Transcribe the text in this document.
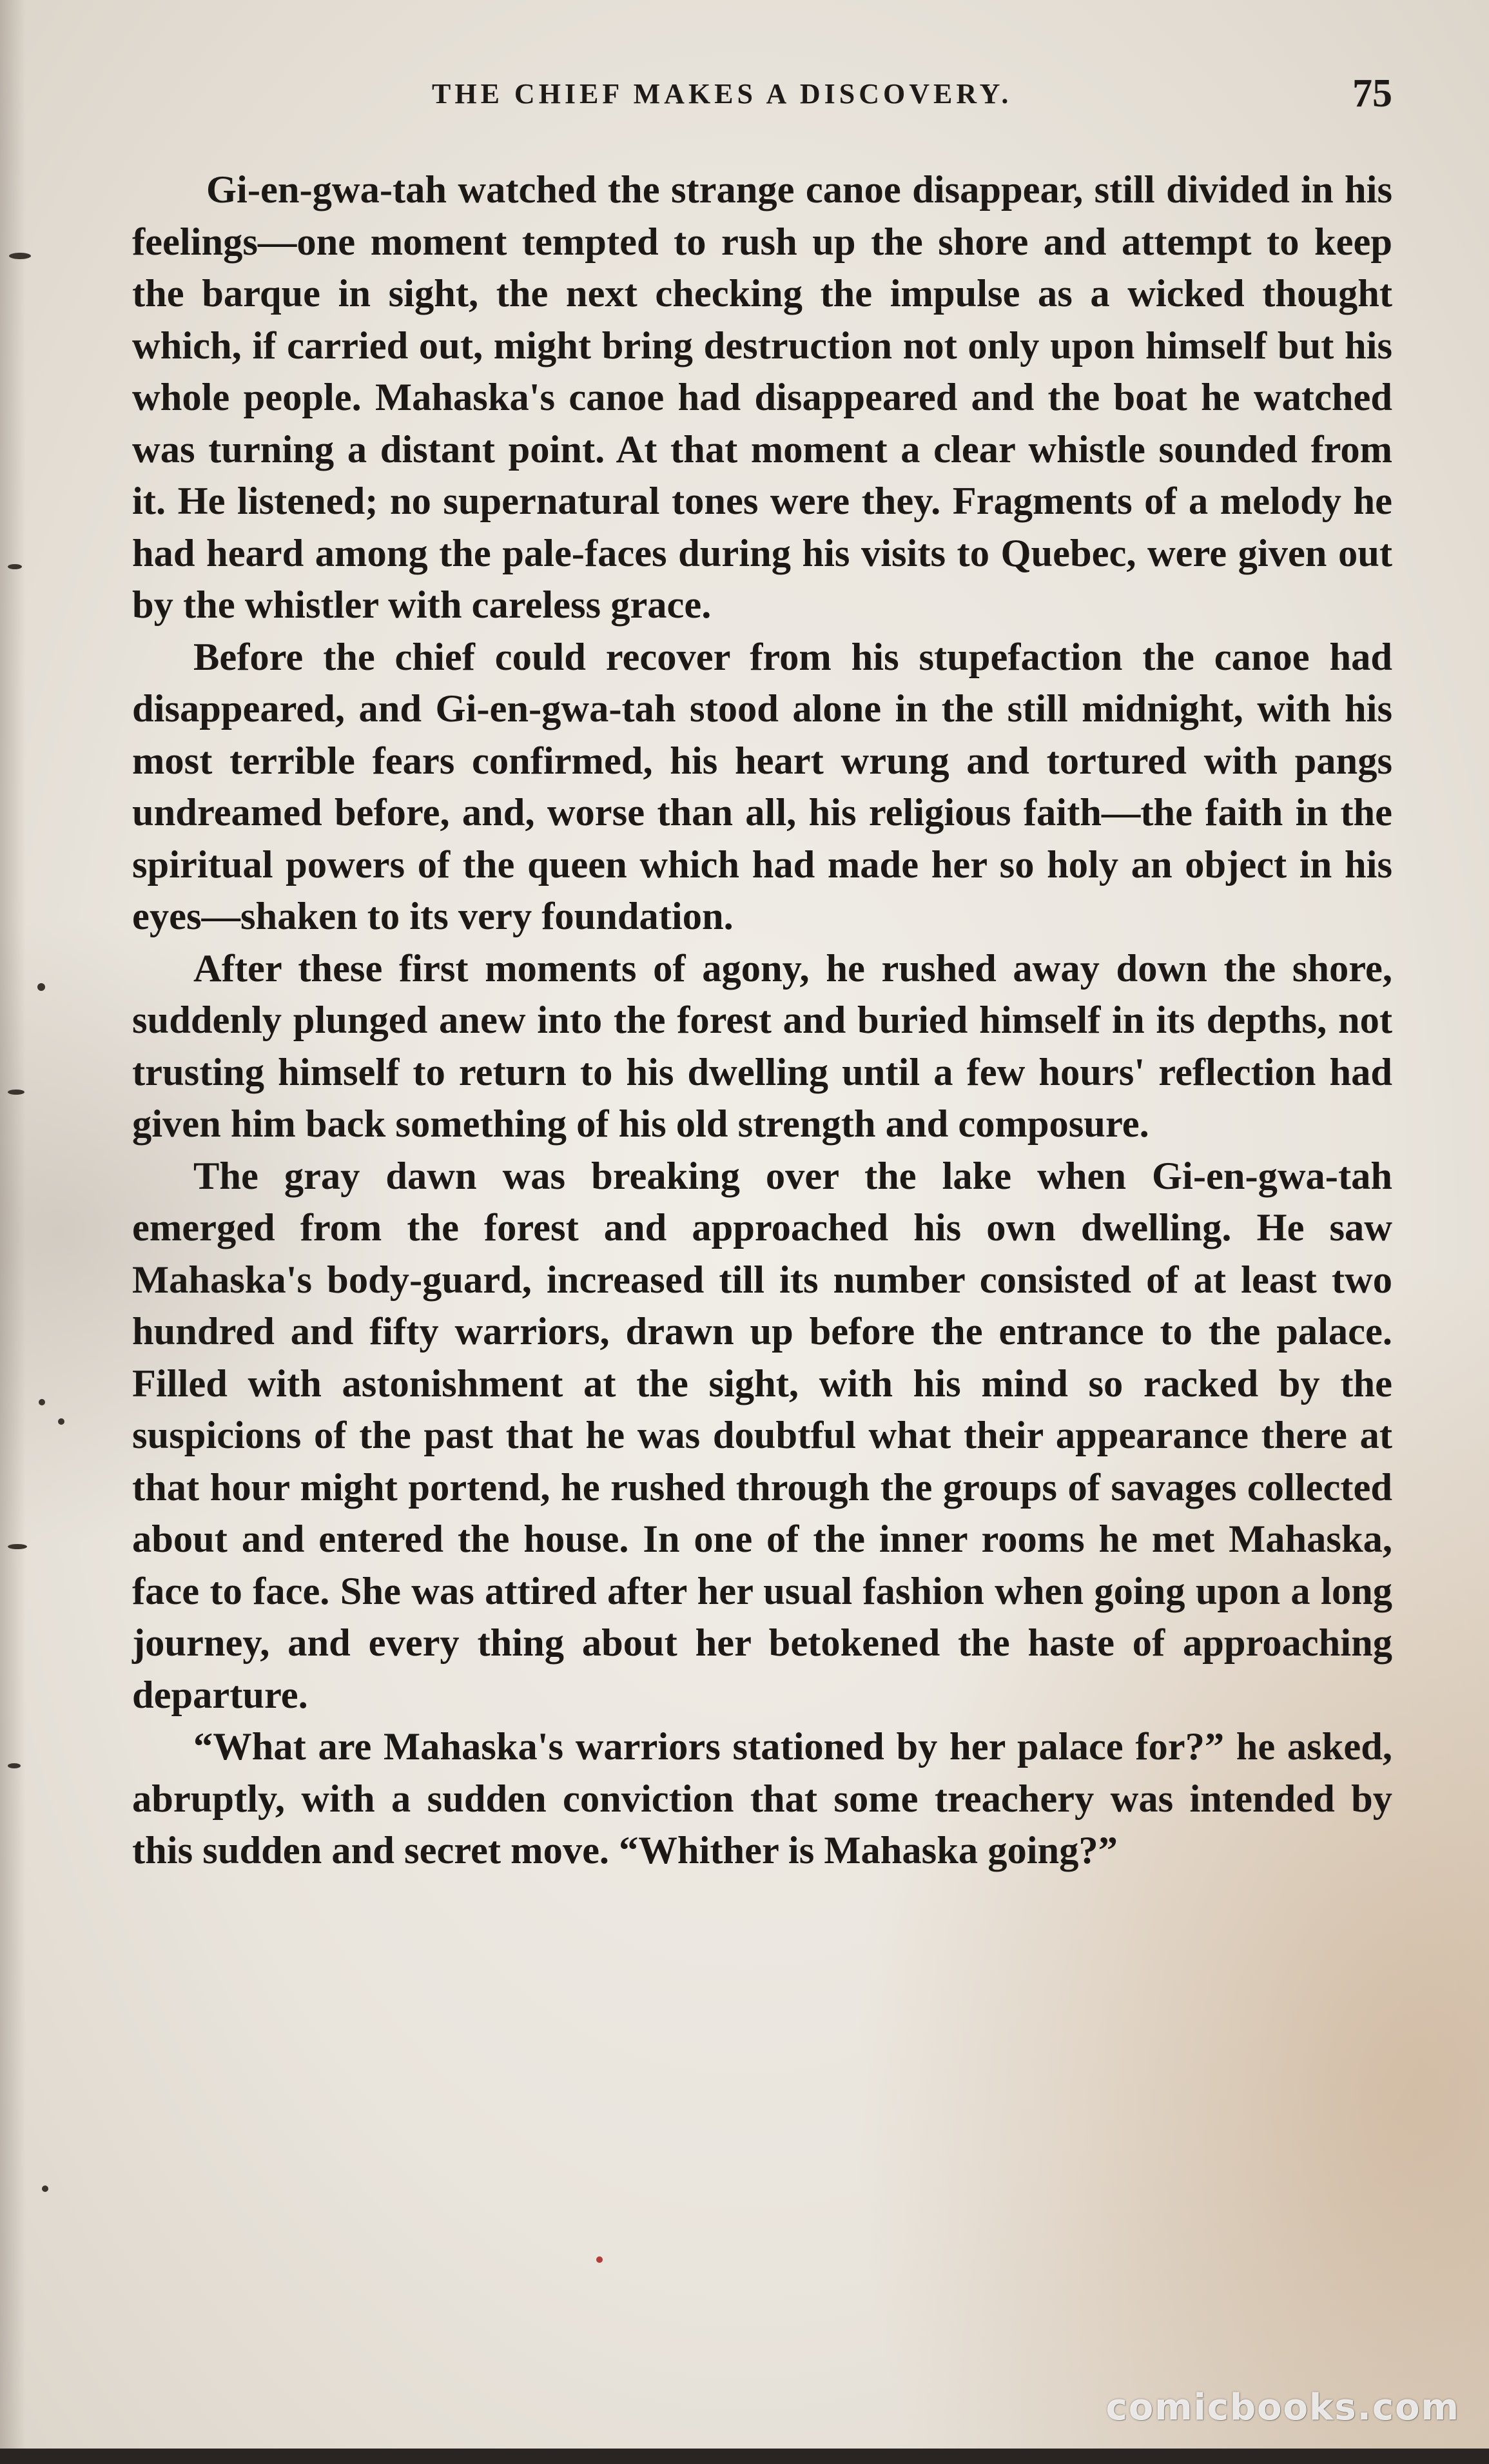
THE CHIEF MAKES A DISCOVERY.	75

Gi-en-gwa-tah watched the strange canoe disappear, still divided in his feelings—one moment tempted to rush up the shore and attempt to keep the barque in sight, the next checking the impulse as a wicked thought which, if carried out, might bring destruction not only upon himself but his whole people. Mahaska's canoe had disappeared and the boat he watched was turning a distant point. At that moment a clear whistle sounded from it. He listened; no supernatural tones were they. Fragments of a melody he had heard among the pale-faces during his visits to Quebec, were given out by the whistler with careless grace.

Before the chief could recover from his stupefaction the canoe had disappeared, and Gi-en-gwa-tah stood alone in the still midnight, with his most terrible fears confirmed, his heart wrung and tortured with pangs undreamed before, and, worse than all, his religious faith—the faith in the spiritual powers of the queen which had made her so holy an object in his eyes—shaken to its very foundation.

After these first moments of agony, he rushed away down the shore, suddenly plunged anew into the forest and buried himself in its depths, not trusting himself to return to his dwelling until a few hours' reflection had given him back something of his old strength and composure.

The gray dawn was breaking over the lake when Gi-en-gwa-tah emerged from the forest and approached his own dwelling. He saw Mahaska's body-guard, increased till its number consisted of at least two hundred and fifty warriors, drawn up before the entrance to the palace. Filled with astonishment at the sight, with his mind so racked by the suspicions of the past that he was doubtful what their appearance there at that hour might portend, he rushed through the groups of savages collected about and entered the house. In one of the inner rooms he met Mahaska, face to face. She was attired after her usual fashion when going upon a long journey, and every thing about her betokened the haste of approaching departure.

“What are Mahaska's warriors stationed by her palace for?” he asked, abruptly, with a sudden conviction that some treachery was intended by this sudden and secret move. “Whither is Mahaska going?”

comicbooks.com
